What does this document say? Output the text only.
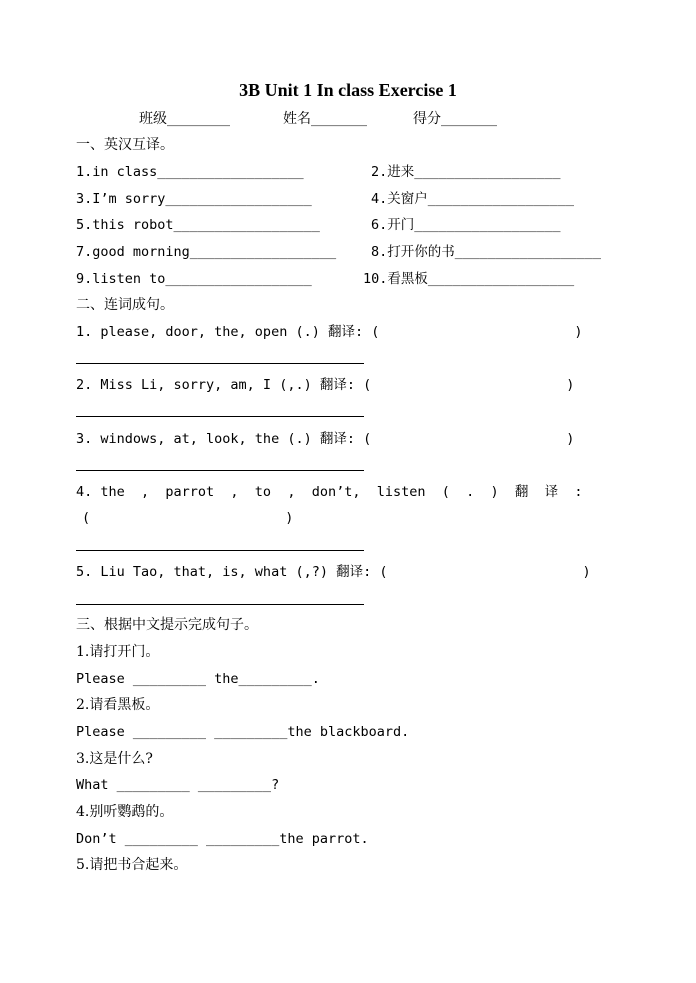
3B Unit 1 In class Exercise 1
班级_________	姓名________	得分________
一、英汉互译。
1.in class__________________	2.进来__________________
3.I’m sorry__________________	4.关窗户__________________
5.this robot__________________	6.开门__________________
7.good morning__________________	8.打开你的书__________________
9.listen to__________________	10.看黑板__________________
二、连词成句。
1. please, door, the, open (.) 翻译: (                        )
2. Miss Li, sorry, am, I (,.) 翻译: (                        )
3. windows, at, look, the (.) 翻译: (                        )
4. the  ,  parrot  ,  to  ,  don’t,  listen  (  .  )  翻  译  :
(                        )
5. Liu Tao, that, is, what (,?) 翻译: (                        )
三、根据中文提示完成句子。
1.请打开门。
Please _________ the_________.
2.请看黑板。
Please _________ _________the blackboard.
3.这是什么?
What _________ _________?
4.别听鹦鹉的。
Don’t _________ _________the parrot.
5.请把书合起来。
